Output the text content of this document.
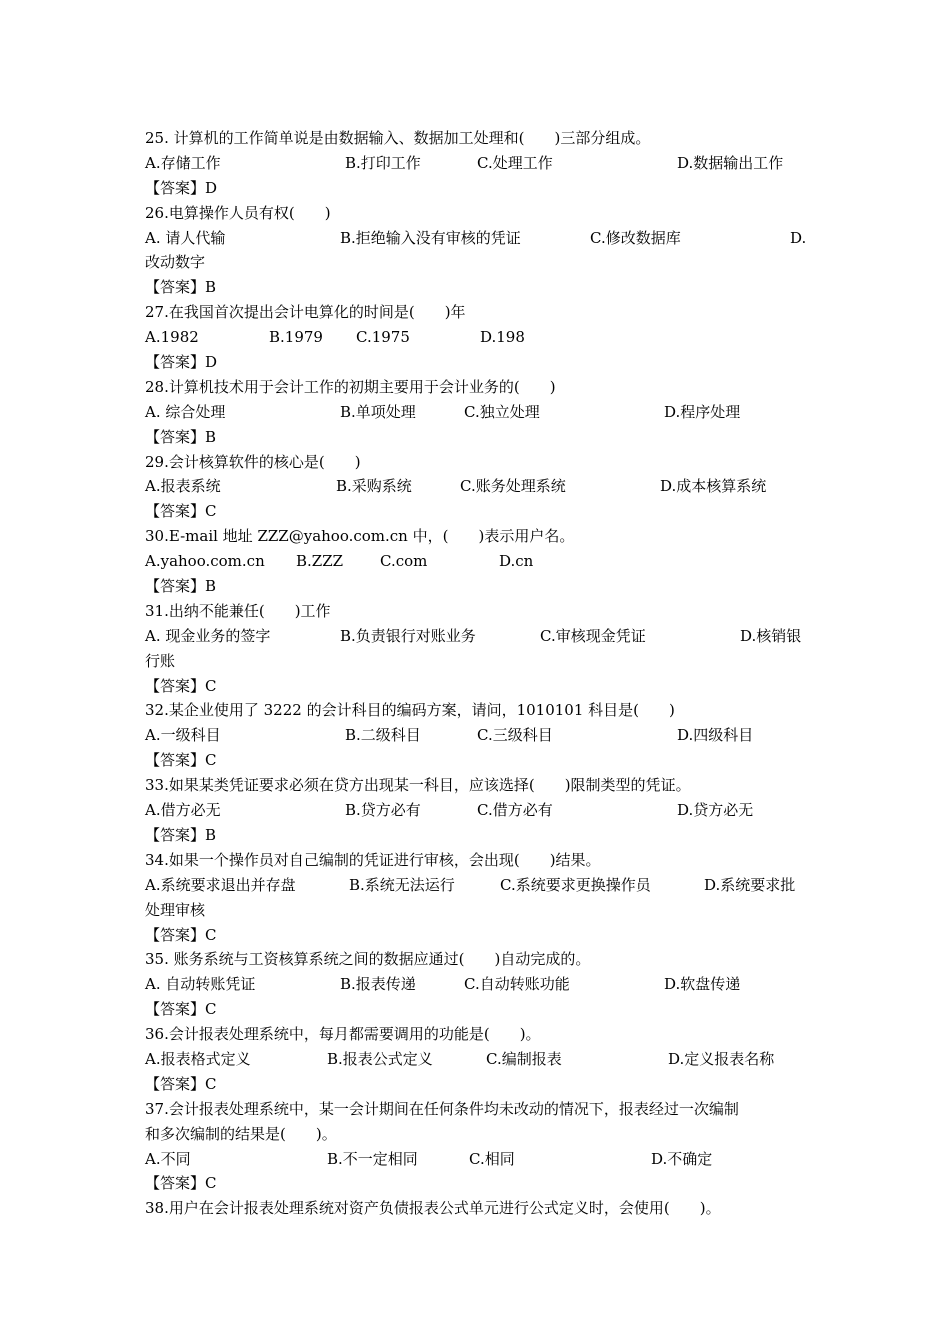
25. 计算机的工作简单说是由数据输入、数据加工处理和(　　)三部分组成。
A.存储工作	B.打印工作	C.处理工作	D.数据输出工作
【答案】D
26.电算操作人员有权(　　)
A. 请人代输	B.拒绝输入没有审核的凭证	C.修改数据库	D.
改动数字
【答案】B
27.在我国首次提出会计电算化的时间是(　　)年
A.1982	B.1979 C.1975	D.198
【答案】D
28.计算机技术用于会计工作的初期主要用于会计业务的(　　)
A. 综合处理	B.单项处理	C.独立处理	D.程序处理
【答案】B
29.会计核算软件的核心是(　　)
A.报表系统	B.采购系统	C.账务处理系统	D.成本核算系统
【答案】C
30.E-mail 地址 ZZZ@yahoo.com.cn 中，(　　)表示用户名。
A.yahoo.com.cn B.ZZZ C.com	D.cn
【答案】B
31.出纳不能兼任(　　)工作
A. 现金业务的签字	B.负责银行对账业务	C.审核现金凭证	D.核销银
行账
【答案】C
32.某企业使用了 3222 的会计科目的编码方案，请问，1010101 科目是(　　)
A.一级科目	B.二级科目	C.三级科目	D.四级科目
【答案】C
33.如果某类凭证要求必须在贷方出现某一科目，应该选择(　　)限制类型的凭证。
A.借方必无	B.贷方必有	C.借方必有	D.贷方必无
【答案】B
34.如果一个操作员对自己编制的凭证进行审核，会出现(　　)结果。
A.系统要求退出并存盘	B.系统无法运行	C.系统要求更换操作员	D.系统要求批
处理审核
【答案】C
35. 账务系统与工资核算系统之间的数据应通过(　　)自动完成的。
A. 自动转账凭证	B.报表传递	C.自动转账功能	D.软盘传递
【答案】C
36.会计报表处理系统中，每月都需要调用的功能是(　　)。
A.报表格式定义	B.报表公式定义	C.编制报表	D.定义报表名称
【答案】C
37.会计报表处理系统中，某一会计期间在任何条件均未改动的情况下，报表经过一次编制
和多次编制的结果是(　　)。
A.不同	B.不一定相同	C.相同	D.不确定
【答案】C
38.用户在会计报表处理系统对资产负债报表公式单元进行公式定义时，会使用(　　)。
